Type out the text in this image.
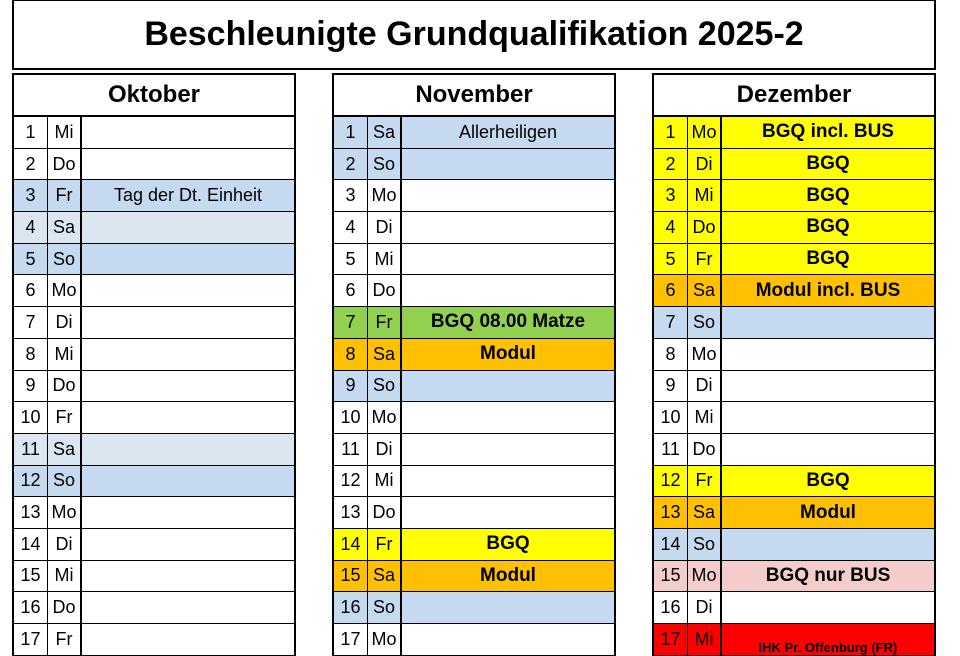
Beschleunigte Grundqualifikation 2025-2
Oktober
1	Mi
2 Do
3	Fr	Tag der Dt. Einheit
4 Sa
5 So
6 Mo
7	Di
8	Mi
9 Do
10 Fr
11 Sa
12 So
13 Mo
14 Di
15 Mi
16 Do
17 Fr
November
1 Sa	Allerheiligen
2 So
3 Mo
4	Di
5	Mi
6 Do
7	Fr	BGQ 08.00 Matze
8 Sa	Modul
9 So
10 Mo
11 Di
12 Mi
13 Do
14 Fr	BGQ
15 Sa	Modul
16 So
17 Mo
Dezember
1 Mo	BGQ incl. BUS
2	Di	BGQ
3	Mi	BGQ
4 Do	BGQ
5	Fr	BGQ
6 Sa	Modul incl. BUS
7 So
8 Mo
9	Di
10 Mi
11 Do
12 Fr	BGQ
13 Sa	Modul
14 So
15 Mo	BGQ nur BUS
16 Di
17 Mi	IHK Pr. Offenburg (FR)
